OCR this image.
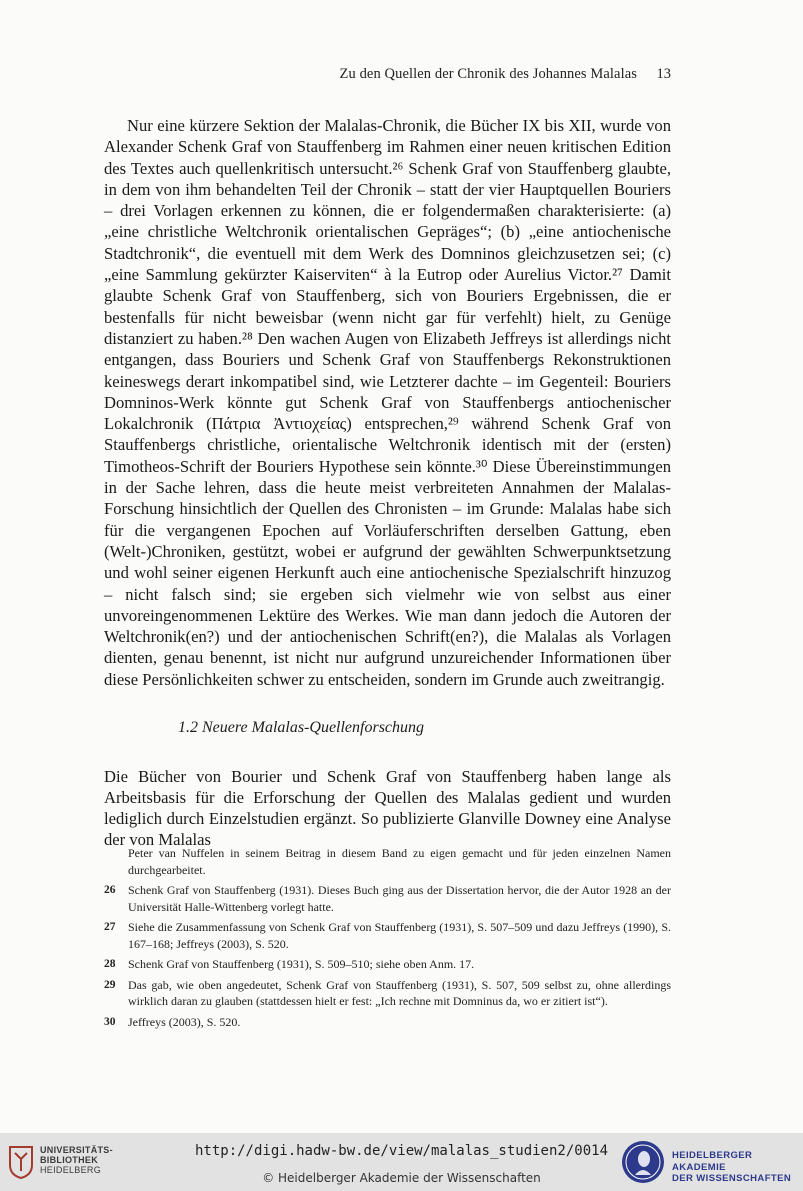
Zu den Quellen der Chronik des Johannes Malalas 13

Nur eine kürzere Sektion der Malalas-Chronik, die Bücher IX bis XII, wurde von Alexander Schenk Graf von Stauffenberg im Rahmen einer neuen kritischen Edition des Textes auch quellenkritisch untersucht.²⁶ Schenk Graf von Stauffenberg glaubte, in dem von ihm behandelten Teil der Chronik – statt der vier Hauptquellen Bouriers – drei Vorlagen erkennen zu können, die er folgendermaßen charakterisierte: (a) „eine christliche Weltchronik orientalischen Gepräges“; (b) „eine antiochenische Stadtchronik“, die eventuell mit dem Werk des Domninos gleichzusetzen sei; (c) „eine Sammlung gekürzter Kaiserviten“ à la Eutrop oder Aurelius Victor.²⁷ Damit glaubte Schenk Graf von Stauffenberg, sich von Bouriers Ergebnissen, die er bestenfalls für nicht beweisbar (wenn nicht gar für verfehlt) hielt, zu Genüge distanziert zu haben.²⁸ Den wachen Augen von Elizabeth Jeffreys ist allerdings nicht entgangen, dass Bouriers und Schenk Graf von Stauffenbergs Rekonstruktionen keineswegs derart inkompatibel sind, wie Letzterer dachte – im Gegenteil: Bouriers Domninos-Werk könnte gut Schenk Graf von Stauffenbergs antiochenischer Lokalchronik (Πάτρια Ἀντιοχείας) entsprechen,²⁹ während Schenk Graf von Stauffenbergs christliche, orientalische Weltchronik identisch mit der (ersten) Timotheos-Schrift der Bouriers Hypothese sein könnte.³⁰ Diese Übereinstimmungen in der Sache lehren, dass die heute meist verbreiteten Annahmen der Malalas-Forschung hinsichtlich der Quellen des Chronisten – im Grunde: Malalas habe sich für die vergangenen Epochen auf Vorläuferschriften derselben Gattung, eben (Welt-)Chroniken, gestützt, wobei er aufgrund der gewählten Schwerpunktsetzung und wohl seiner eigenen Herkunft auch eine antiochenische Spezialschrift hinzuzog – nicht falsch sind; sie ergeben sich vielmehr wie von selbst aus einer unvoreingenommenen Lektüre des Werkes. Wie man dann jedoch die Autoren der Weltchronik(en?) und der antiochenischen Schrift(en?), die Malalas als Vorlagen dienten, genau benennt, ist nicht nur aufgrund unzureichender Informationen über diese Persönlichkeiten schwer zu entscheiden, sondern im Grunde auch zweitrangig.

1.2 Neuere Malalas-Quellenforschung

Die Bücher von Bourier und Schenk Graf von Stauffenberg haben lange als Arbeitsbasis für die Erforschung der Quellen des Malalas gedient und wurden lediglich durch Einzelstudien ergänzt. So publizierte Glanville Downey eine Analyse der von Malalas

Peter van Nuffelen in seinem Beitrag in diesem Band zu eigen gemacht und für jeden einzelnen Namen durchgearbeitet.
26	Schenk Graf von Stauffenberg (1931). Dieses Buch ging aus der Dissertation hervor, die der Autor 1928 an der Universität Halle-Wittenberg vorlegt hatte.
27	Siehe die Zusammenfassung von Schenk Graf von Stauffenberg (1931), S. 507–509 und dazu Jeffreys (1990), S. 167–168; Jeffreys (2003), S. 520.
28	Schenk Graf von Stauffenberg (1931), S. 509–510; siehe oben Anm. 17.
29	Das gab, wie oben angedeutet, Schenk Graf von Stauffenberg (1931), S. 507, 509 selbst zu, ohne allerdings wirklich daran zu glauben (stattdessen hielt er fest: „Ich rechne mit Domninus da, wo er zitiert ist“).
30	Jeffreys (2003), S. 520.
UNIVERSITÄTS-
BIBLIOTHEK
HEIDELBERG
http://digi.hadw-bw.de/view/malalas_studien2/0014
© Heidelberger Akademie der Wissenschaften
HEIDELBERGER AKADEMIE
DER WISSENSCHAFTEN
